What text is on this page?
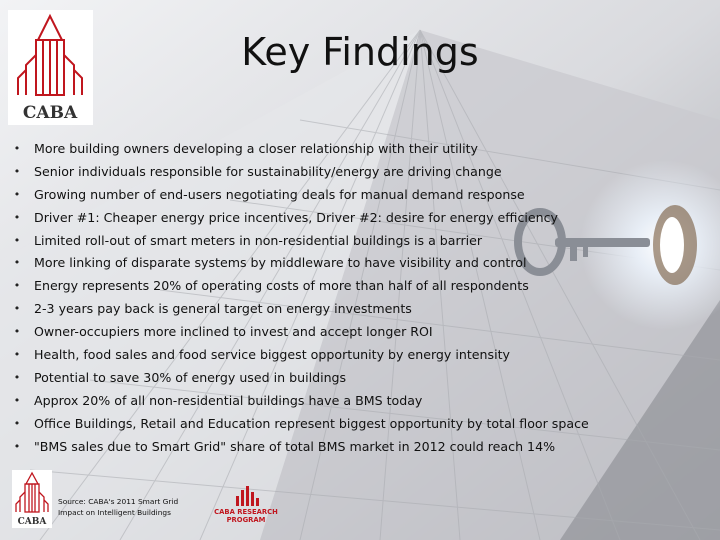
CABA
Key Findings
• More building owners developing a closer relationship with their utility
• Senior individuals responsible for sustainability/energy are driving change
• Growing number of end-users negotiating deals for manual demand response
• Driver #1: Cheaper energy price incentives, Driver #2: desire for energy efficiency
• Limited roll-out of smart meters in non-residential buildings is a barrier
• More linking of disparate systems by middleware to have visibility and control
• Energy represents 20% of operating costs of more than half of all respondents
• 2-3 years pay back is general target on energy investments
• Owner-occupiers more inclined to invest and accept longer ROI
• Health, food sales and food service biggest opportunity by energy intensity
• Potential to save 30% of energy used in buildings
• Approx 20% of all non-residential buildings have a BMS today
• Office Buildings, Retail and Education represent biggest opportunity by total floor space
• "BMS sales due to Smart Grid" share of total BMS market in 2012 could reach 14%
CABA
Source: CABA's 2011 Smart Grid
Impact on Intelligent Buildings	CABA RESEARCH
PROGRAM
